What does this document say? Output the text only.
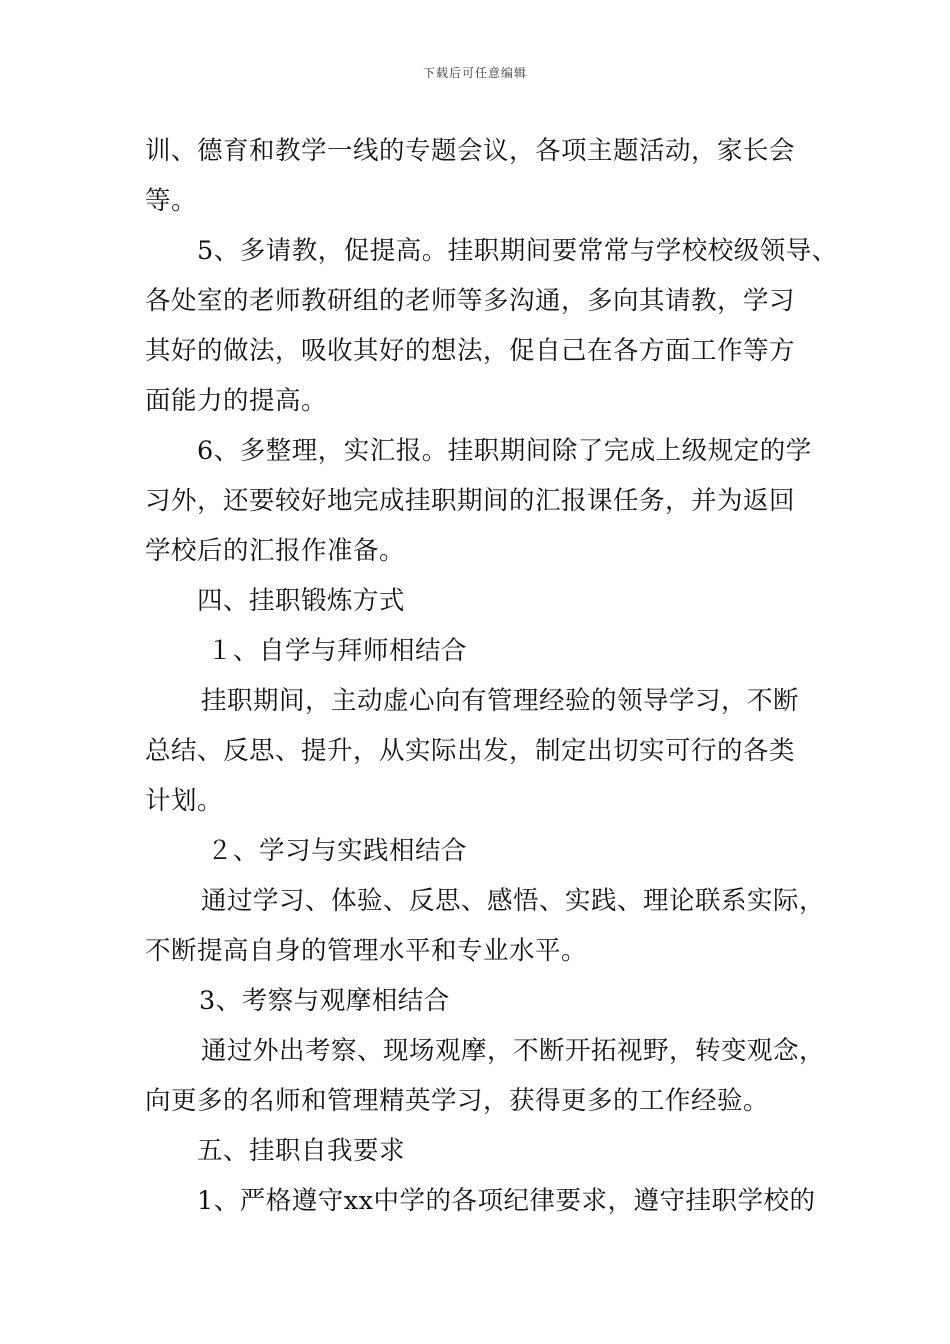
下载后可任意编辑
训、德育和教学一线的专题会议，各项主题活动，家长会
等。
5、多请教，促提高。挂职期间要常常与学校校级领导、
各处室的老师教研组的老师等多沟通，多向其请教，学习
其好的做法，吸收其好的想法，促自己在各方面工作等方
面能力的提高。
6、多整理，实汇报。挂职期间除了完成上级规定的学
习外，还要较好地完成挂职期间的汇报课任务，并为返回
学校后的汇报作准备。
四、挂职锻炼方式
１、自学与拜师相结合
挂职期间，主动虚心向有管理经验的领导学习，不断
总结、反思、提升，从实际出发，制定出切实可行的各类
计划。
２、学习与实践相结合
通过学习、体验、反思、感悟、实践、理论联系实际，
不断提高自身的管理水平和专业水平。
3、考察与观摩相结合
通过外出考察、现场观摩，不断开拓视野，转变观念，
向更多的名师和管理精英学习，获得更多的工作经验。
五、挂职自我要求
1、严格遵守xx中学的各项纪律要求，遵守挂职学校的
